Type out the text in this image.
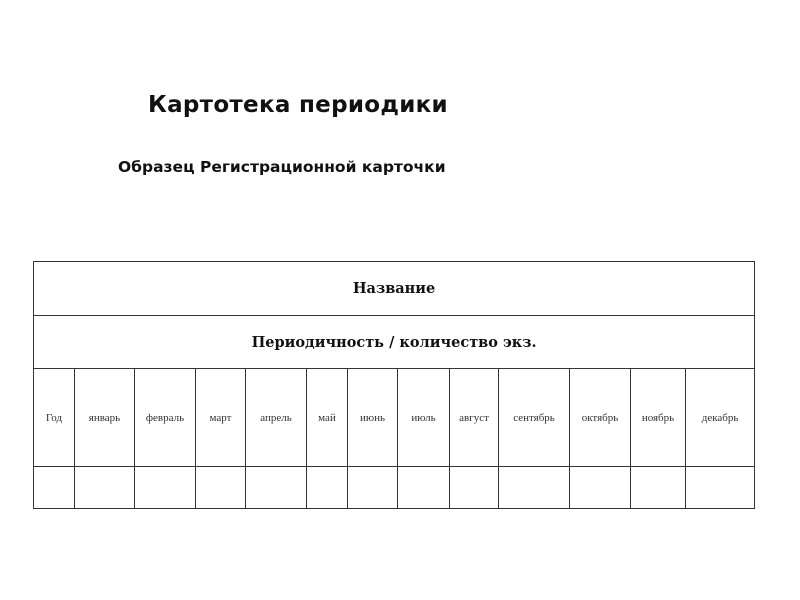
Картотека периодики
Образец Регистрационной карточки
Название												
Периодичность / количество экз.												
Год	январь	февраль	март	апрель	май	июнь	июль	август	сентябрь	октябрь	ноябрь	декабрь
